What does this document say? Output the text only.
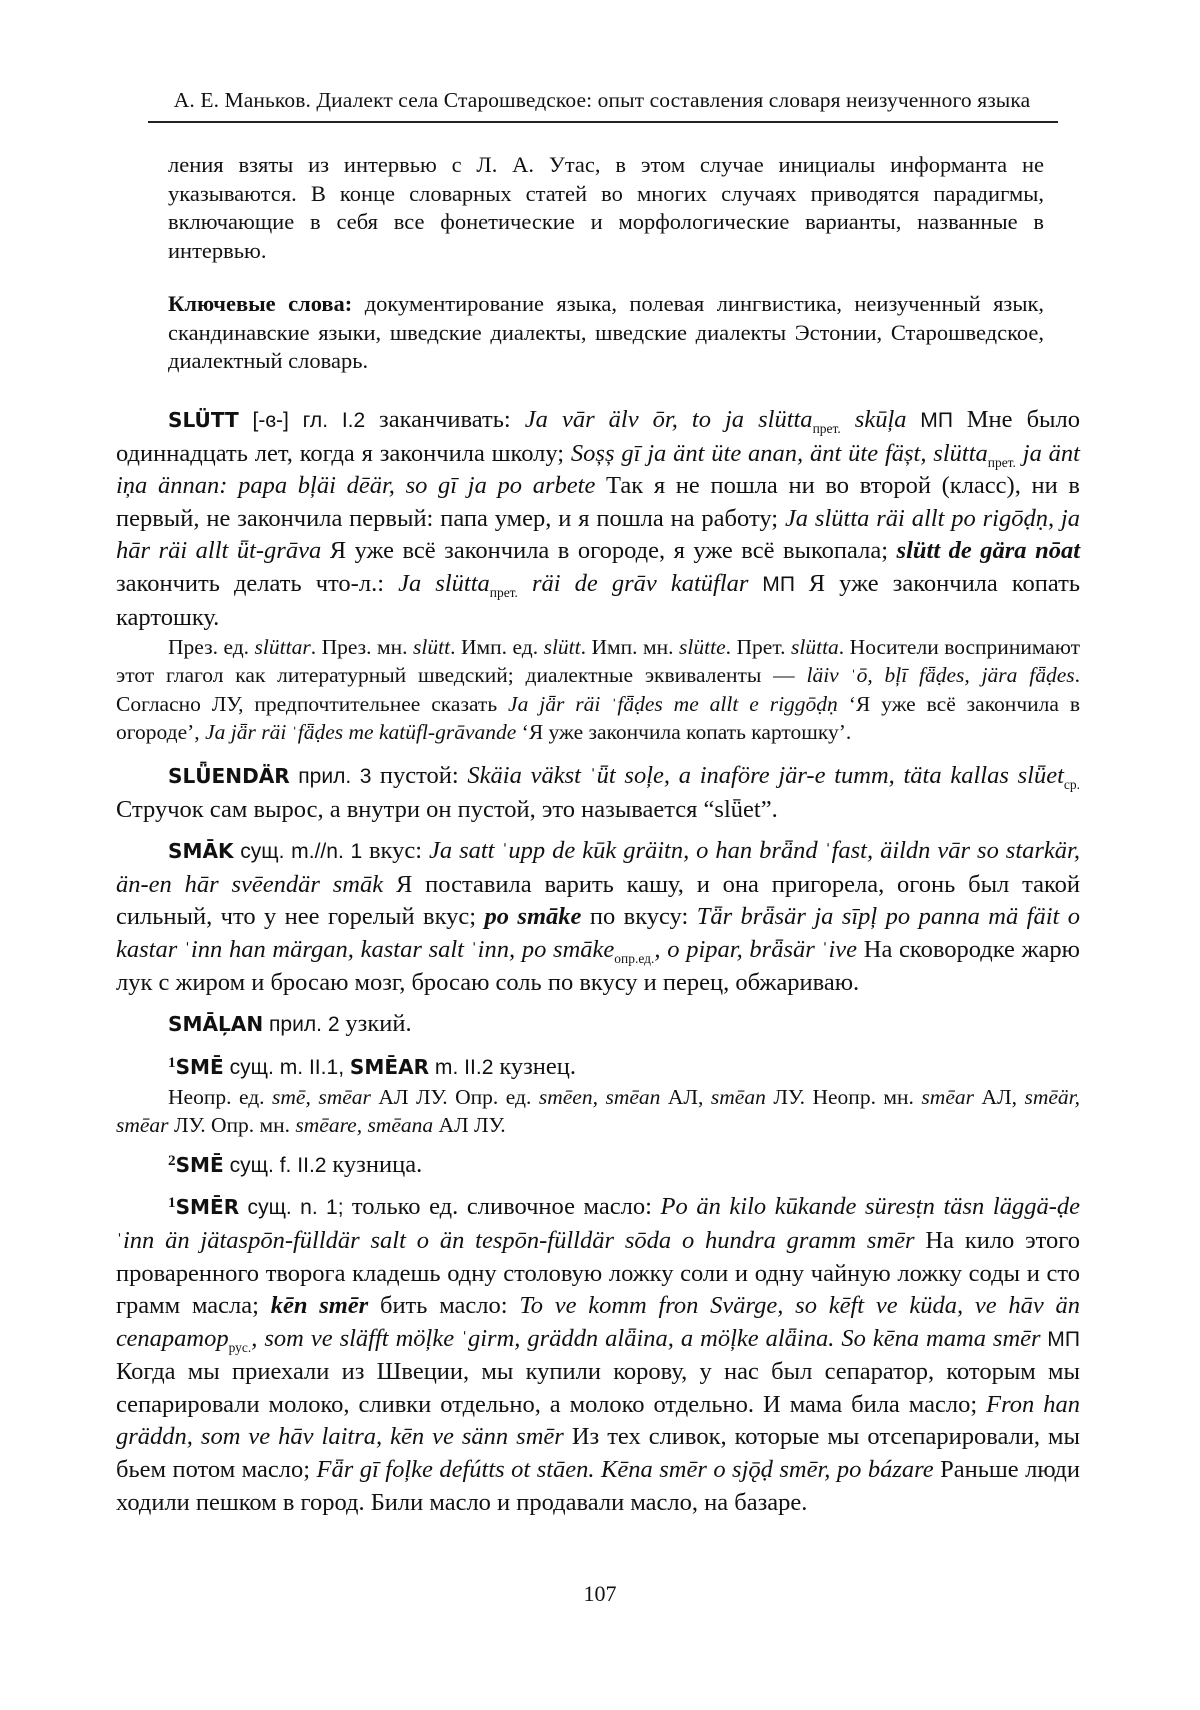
А. Е. Маньков. Диалект села Старошведское: опыт составления словаря неизученного языка

ления взяты из интервью с Л. А. Утас, в этом случае инициалы информанта не указываются. В конце словарных статей во многих случаях приводятся парадигмы, включающие в себя все фонетические и морфологические варианты, названные в интервью.

Ключевые слова: документирование языка, полевая лингвистика, неизученный язык, скандинавские языки, шведские диалекты, шведские диалекты Эстонии, Старошведское, диалектный словарь.

SLÜTT [-ɞ-] гл. I.2 заканчивать: Ja vār älv ōr, to ja slütta$_{прет.}$ skūļa МП Мне было одиннадцать лет, когда я закончила школу; Soșș gī ja änt üte anan, änt üte fäșt, slütta$_{прет.}$ ja änt iņa ännan: papa bļäi dēär, so gī ja po arbete Так я не пошла ни во второй (класс), ни в первый, не закончила первый: папа умер, и я пошла на работу; Ja slütta räi allt po rigōḍṇ, ja hār räi allt ǖt-grāva Я уже всё закончила в огороде, я уже всё выкопала; slütt de gära nōat закончить делать что-л.: Ja slütta$_{прет.}$ räi de grāv katüflar МП Я уже закончила копать картошку.

През. ед. slüttar. През. мн. slütt. Имп. ед. slütt. Имп. мн. slütte. Прет. slütta. Носители воспринимают этот глагол как литературный шведский; диалектные эквиваленты — läiv ˈō, bļī fǟḍes, jära fǟḍes. Согласно ЛУ, предпочтительнее сказать Ja jǟr räi ˈfǟḍes me allt e riggōḍṇ ‘Я уже всё закончила в огороде’, Ja jǟr räi ˈfǟḍes me katüfl-grāvande ‘Я уже закончила копать картошку’.

SLǕENDÄR прил. 3 пустой: Skäia väkst ˈǖt soļe, a inaföre jär-e tumm, täta kallas slǖet$_{ср.}$ Стручок сам вырос, а внутри он пустой, это называется “slǖet”.

SMĀK сущ. m.//n. 1 вкус: Ja satt ˈupp de kūk gräitn, o han brǟnd ˈfast, äildn vār so starkär, än-en hār svēendär smāk Я поставила варить кашу, и она пригорела, огонь был такой сильный, что у нее горелый вкус; po smāke по вкусу: Tǟr brǟsär ja sīpļ po panna mä fäit o kastar ˈinn han märgan, kastar salt ˈinn, po smāke$_{опр.ед.}$, o pipar, brǟsär ˈive На сковородке жарю лук с жиром и бросаю мозг, бросаю соль по вкусу и перец, обжариваю.

SMĀĻAN прил. 2 узкий.

$^1$SMĒ сущ. m. II.1, SMĒAR m. II.2 кузнец.

Неопр. ед. smē, smēar АЛ ЛУ. Опр. ед. smēen, smēan АЛ, smēan ЛУ. Неопр. мн. smēar АЛ, smēär, smēar ЛУ. Опр. мн. smēare, smēana АЛ ЛУ.

$^2$SMĒ сущ. f. II.2 кузница.

$^1$SMĒR сущ. n. 1; только ед. сливочное масло: Po än kilo kūkande süresṭn täsn läggä-ḍe ˈinn än jätaspōn-fülldär salt o än tespōn-fülldär sōda o hundra gramm smēr На кило этого проваренного творога кладешь одну столовую ложку соли и одну чайную ложку соды и сто грамм масла; kēn smēr бить масло: To ve komm fron Svärge, so kēft ve küda, ve hāv än сепаратор$_{рус.}$, som ve släfft möļke ˈgirm, gräddn alǟina, a möļke alǟina. So kēna mama smēr МП Когда мы приехали из Швеции, мы купили корову, у нас был сепаратор, которым мы сепарировали молоко, сливки отдельно, а молоко отдельно. И мама била масло; Fron han gräddn, som ve hāv laitra, kēn ve sänn smēr Из тех сливок, которые мы отсепарировали, мы бьем потом масло; Fǟr gī foļke defútts ot stāen. Kēna smēr o sjǭḍ smēr, po bázare Раньше люди ходили пешком в город. Били масло и продавали масло, на базаре.

107
